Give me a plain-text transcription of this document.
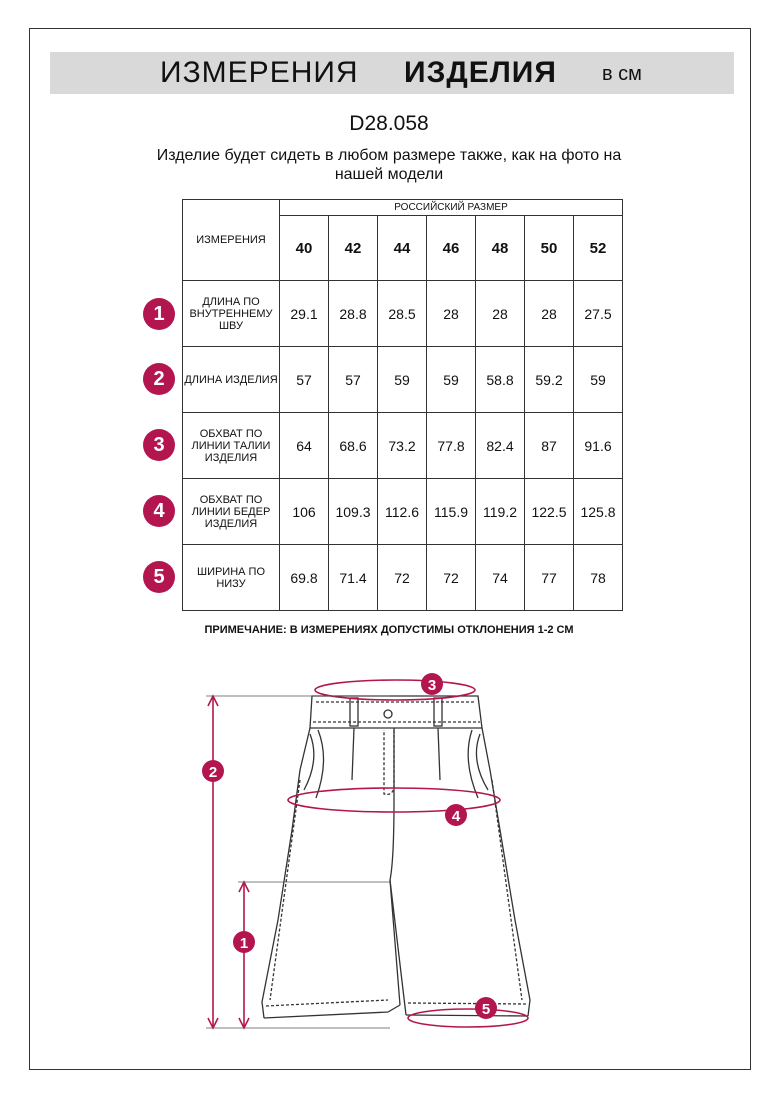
ИЗМЕРЕНИЯ ИЗДЕЛИЯ в см
D28.058
Изделие будет сидеть в любом размере также, как на фото на
нашей модели
ИЗМЕРЕНИЯ	РОССИЙСКИЙ РАЗМЕР						
	40	42	44	46	48	50	52

ДЛИНА ПО
ВНУТРЕННЕМУ
ШВУ	29.1	28.8	28.5	28	28	28	27.5

ДЛИНА ИЗДЕЛИЯ	57	57	59	59	58.8	59.2	59

ОБХВАТ ПО
ЛИНИИ ТАЛИИ
ИЗДЕЛИЯ	64	68.6	73.2	77.8	82.4	87	91.6

ОБХВАТ ПО
ЛИНИИ БЕДЕР
ИЗДЕЛИЯ	106	109.3	112.6	115.9	119.2	122.5	125.8

ШИРИНА ПО
НИЗУ	69.8	71.4	72	72	74	77	78
1
2
3
4
5
ПРИМЕЧАНИЕ: В ИЗМЕРЕНИЯХ ДОПУСТИМЫ ОТКЛОНЕНИЯ 1-2 СМ
3
2
4
1
5
